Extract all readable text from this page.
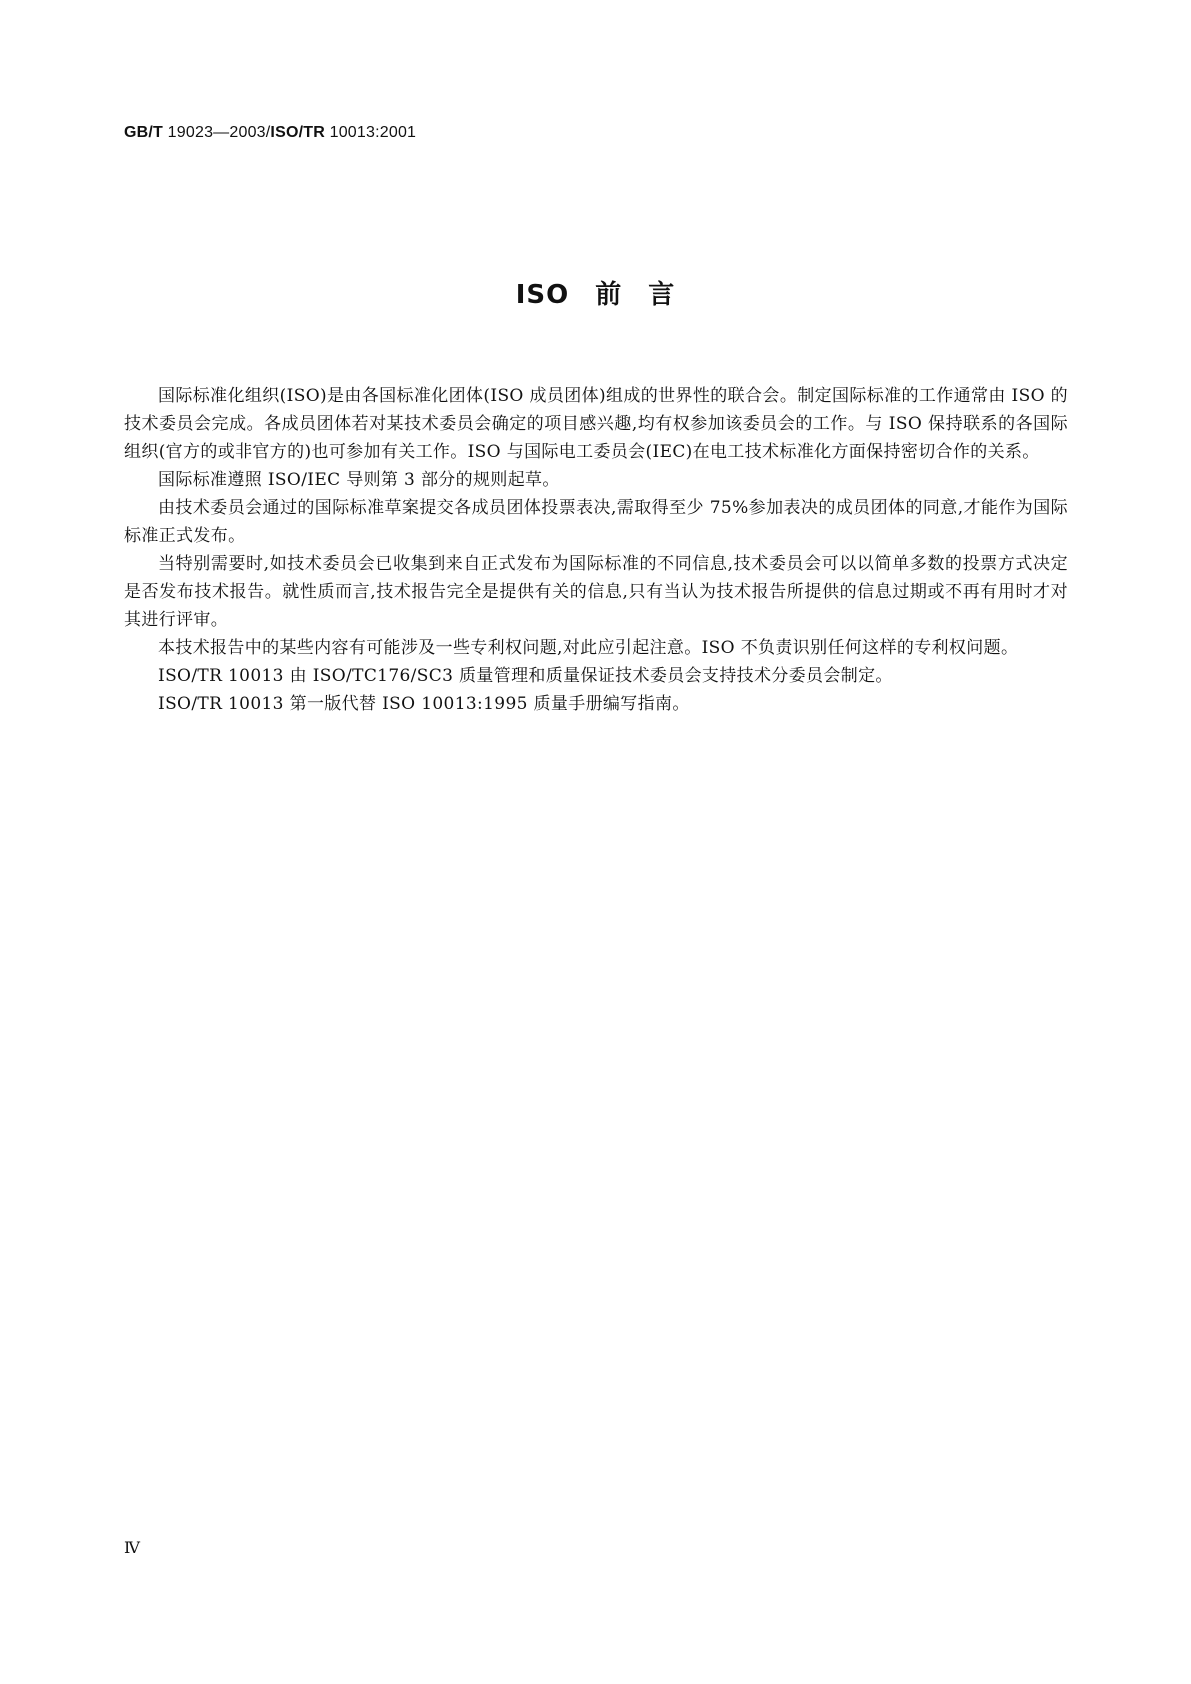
GB/T 19023—2003/ISO/TR 10013:2001
ISO 前 言

国际标准化组织(ISO)是由各国标准化团体(ISO 成员团体)组成的世界性的联合会。制定国际标准的工作通常由 ISO 的技术委员会完成。各成员团体若对某技术委员会确定的项目感兴趣,均有权参加该委员会的工作。与 ISO 保持联系的各国际组织(官方的或非官方的)也可参加有关工作。ISO 与国际电工委员会(IEC)在电工技术标准化方面保持密切合作的关系。

国际标准遵照 ISO/IEC 导则第 3 部分的规则起草。

由技术委员会通过的国际标准草案提交各成员团体投票表决,需取得至少 75%参加表决的成员团体的同意,才能作为国际标准正式发布。

当特别需要时,如技术委员会已收集到来自正式发布为国际标准的不同信息,技术委员会可以以简单多数的投票方式决定是否发布技术报告。就性质而言,技术报告完全是提供有关的信息,只有当认为技术报告所提供的信息过期或不再有用时才对其进行评审。

本技术报告中的某些内容有可能涉及一些专利权问题,对此应引起注意。ISO 不负责识别任何这样的专利权问题。

ISO/TR 10013 由 ISO/TC176/SC3 质量管理和质量保证技术委员会支持技术分委员会制定。

ISO/TR 10013 第一版代替 ISO 10013:1995 质量手册编写指南。

Ⅳ
